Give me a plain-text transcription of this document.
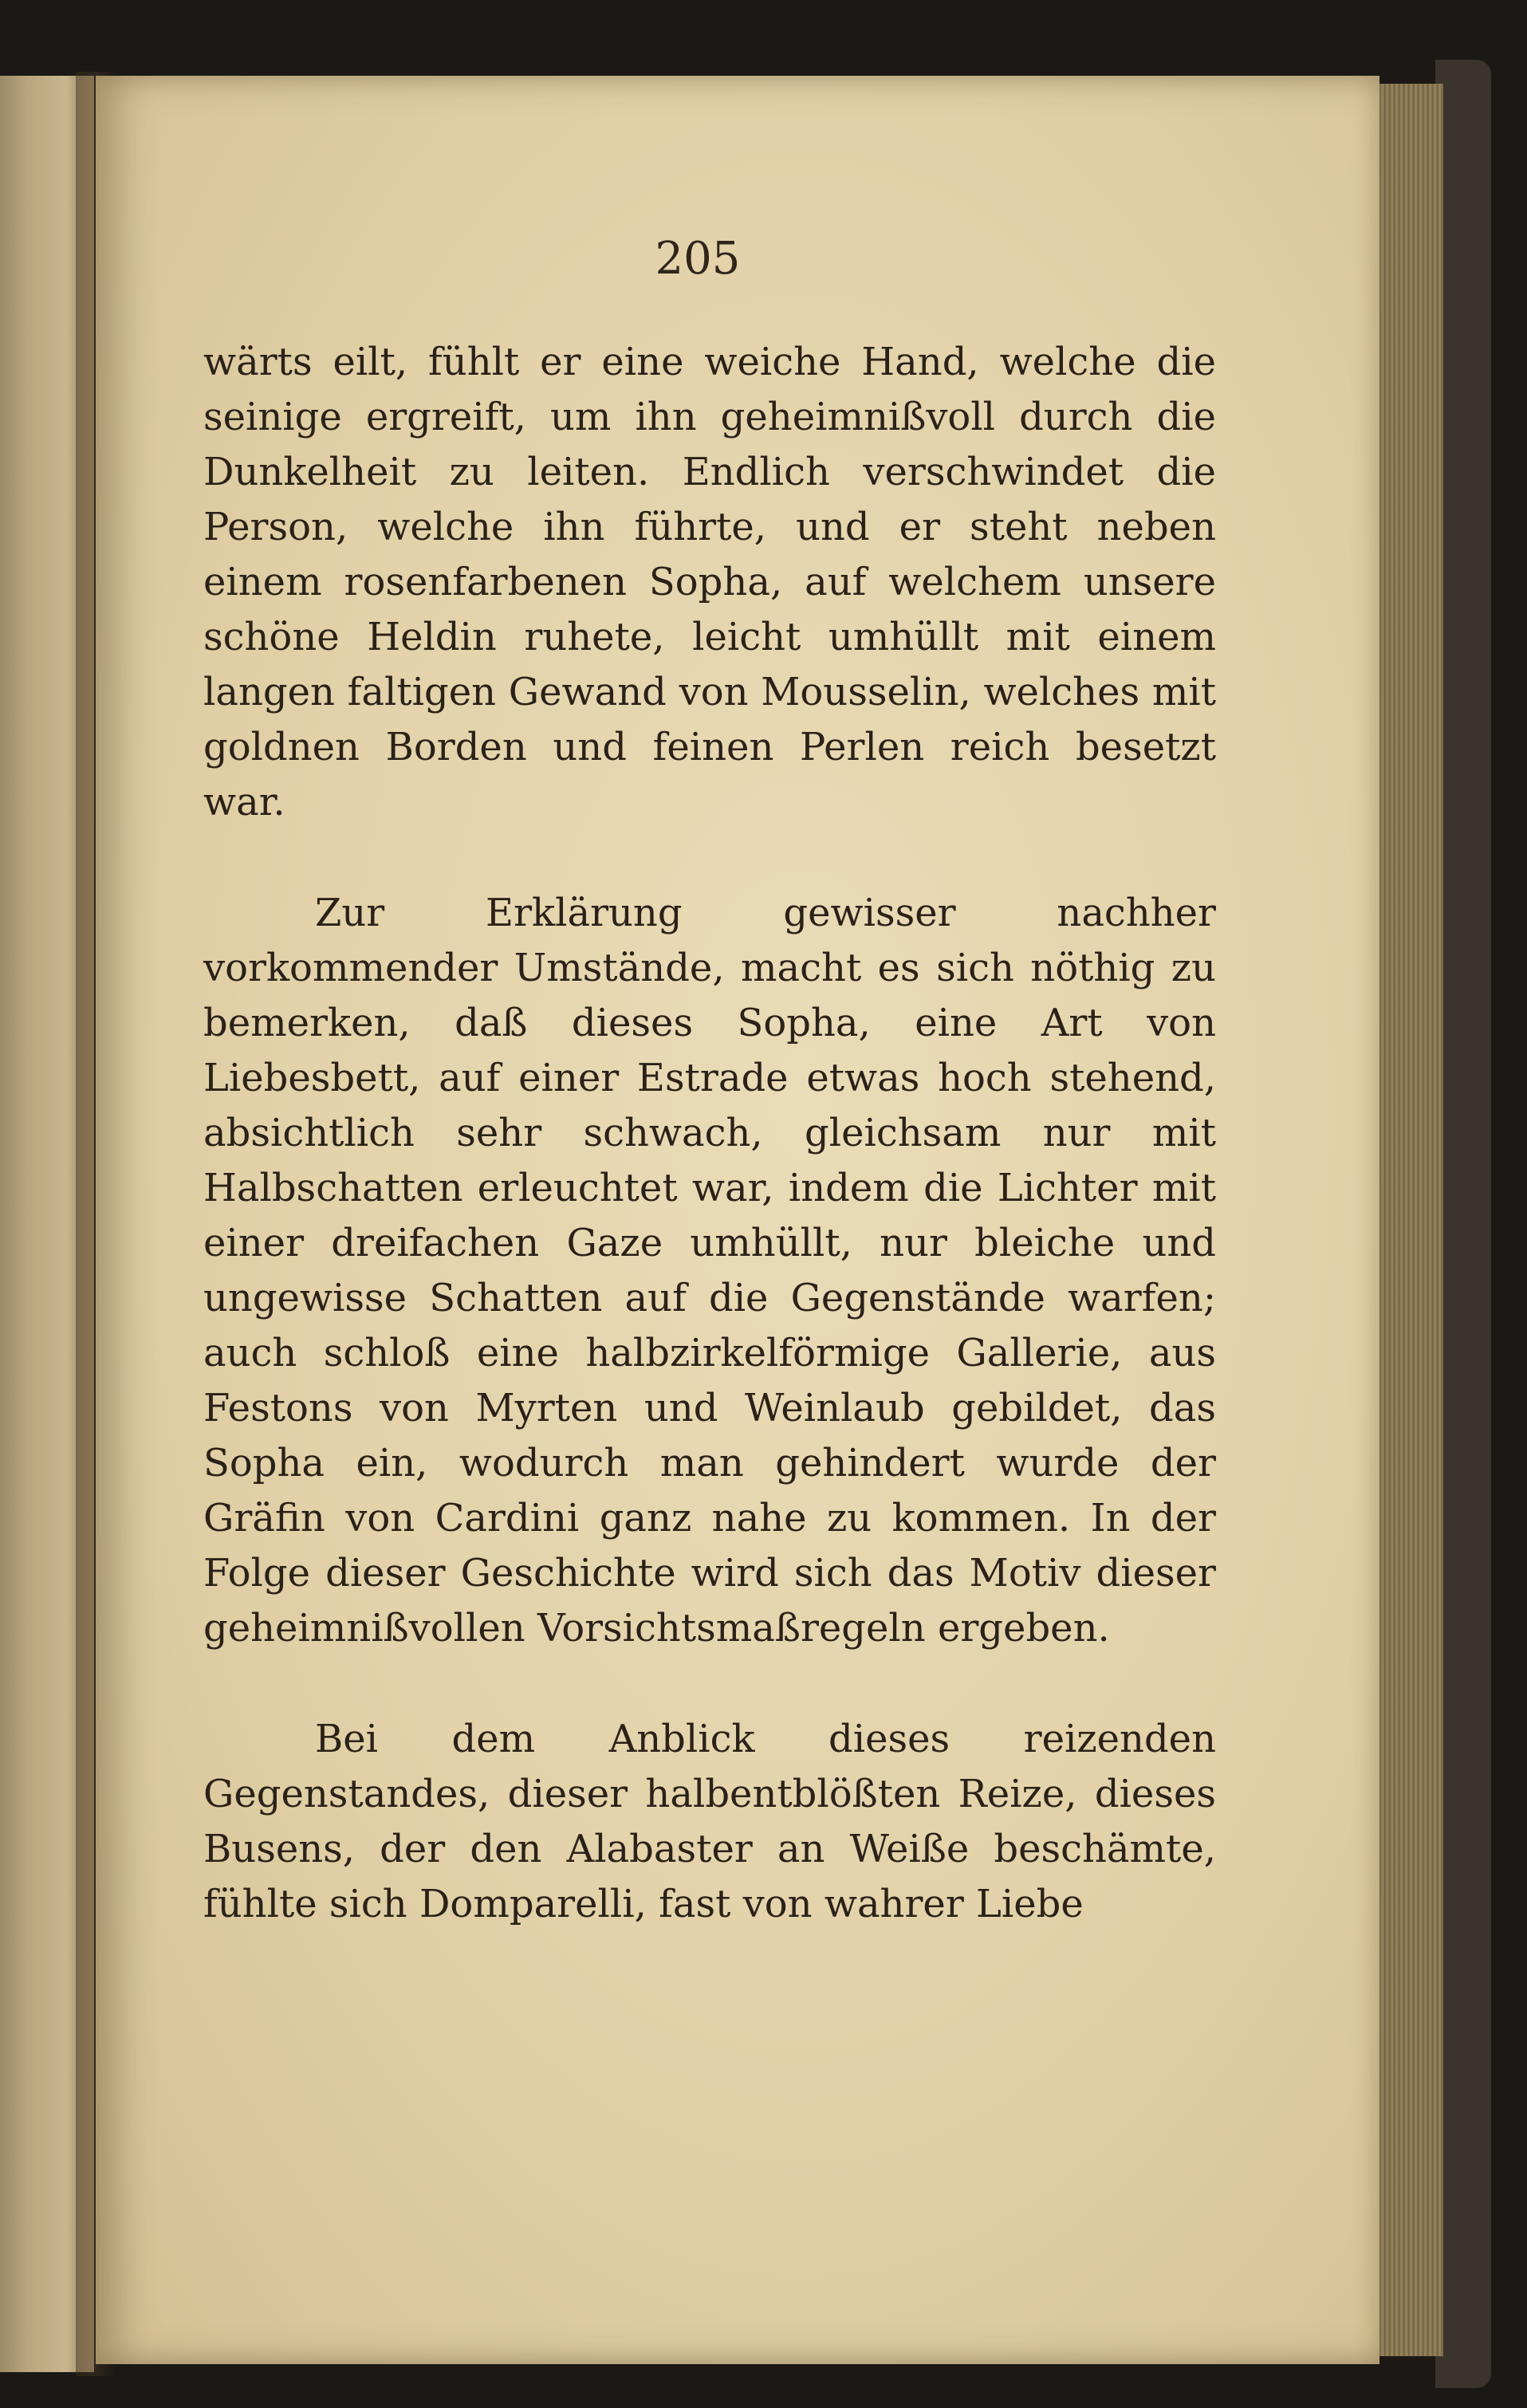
205

wärts eilt, fühlt er eine weiche Hand, welche die seinige ergreift, um ihn geheimnißvoll durch die Dunkelheit zu leiten. Endlich verschwindet die Person, welche ihn führte, und er steht neben einem rosenfarbenen Sopha, auf welchem unsere schöne Heldin ruhete, leicht umhüllt mit einem langen faltigen Gewand von Mousselin, welches mit goldnen Borden und feinen Perlen reich besetzt war.

Zur Erklärung gewisser nachher vorkommender Umstände, macht es sich nöthig zu bemerken, daß dieses Sopha, eine Art von Liebesbett, auf einer Estrade etwas hoch stehend, absichtlich sehr schwach, gleichsam nur mit Halbschatten erleuchtet war, indem die Lichter mit einer dreifachen Gaze umhüllt, nur bleiche und ungewisse Schatten auf die Gegenstände warfen; auch schloß eine halbzirkelförmige Gallerie, aus Festons von Myrten und Weinlaub gebildet, das Sopha ein, wodurch man gehindert wurde der Gräfin von Cardini ganz nahe zu kommen. In der Folge dieser Geschichte wird sich das Motiv dieser geheimnißvollen Vorsichtsmaßregeln ergeben.

Bei dem Anblick dieses reizenden Gegenstandes, dieser halbentblößten Reize, dieses Busens, der den Alabaster an Weiße beschämte, fühlte sich Domparelli, fast von wahrer Liebe
